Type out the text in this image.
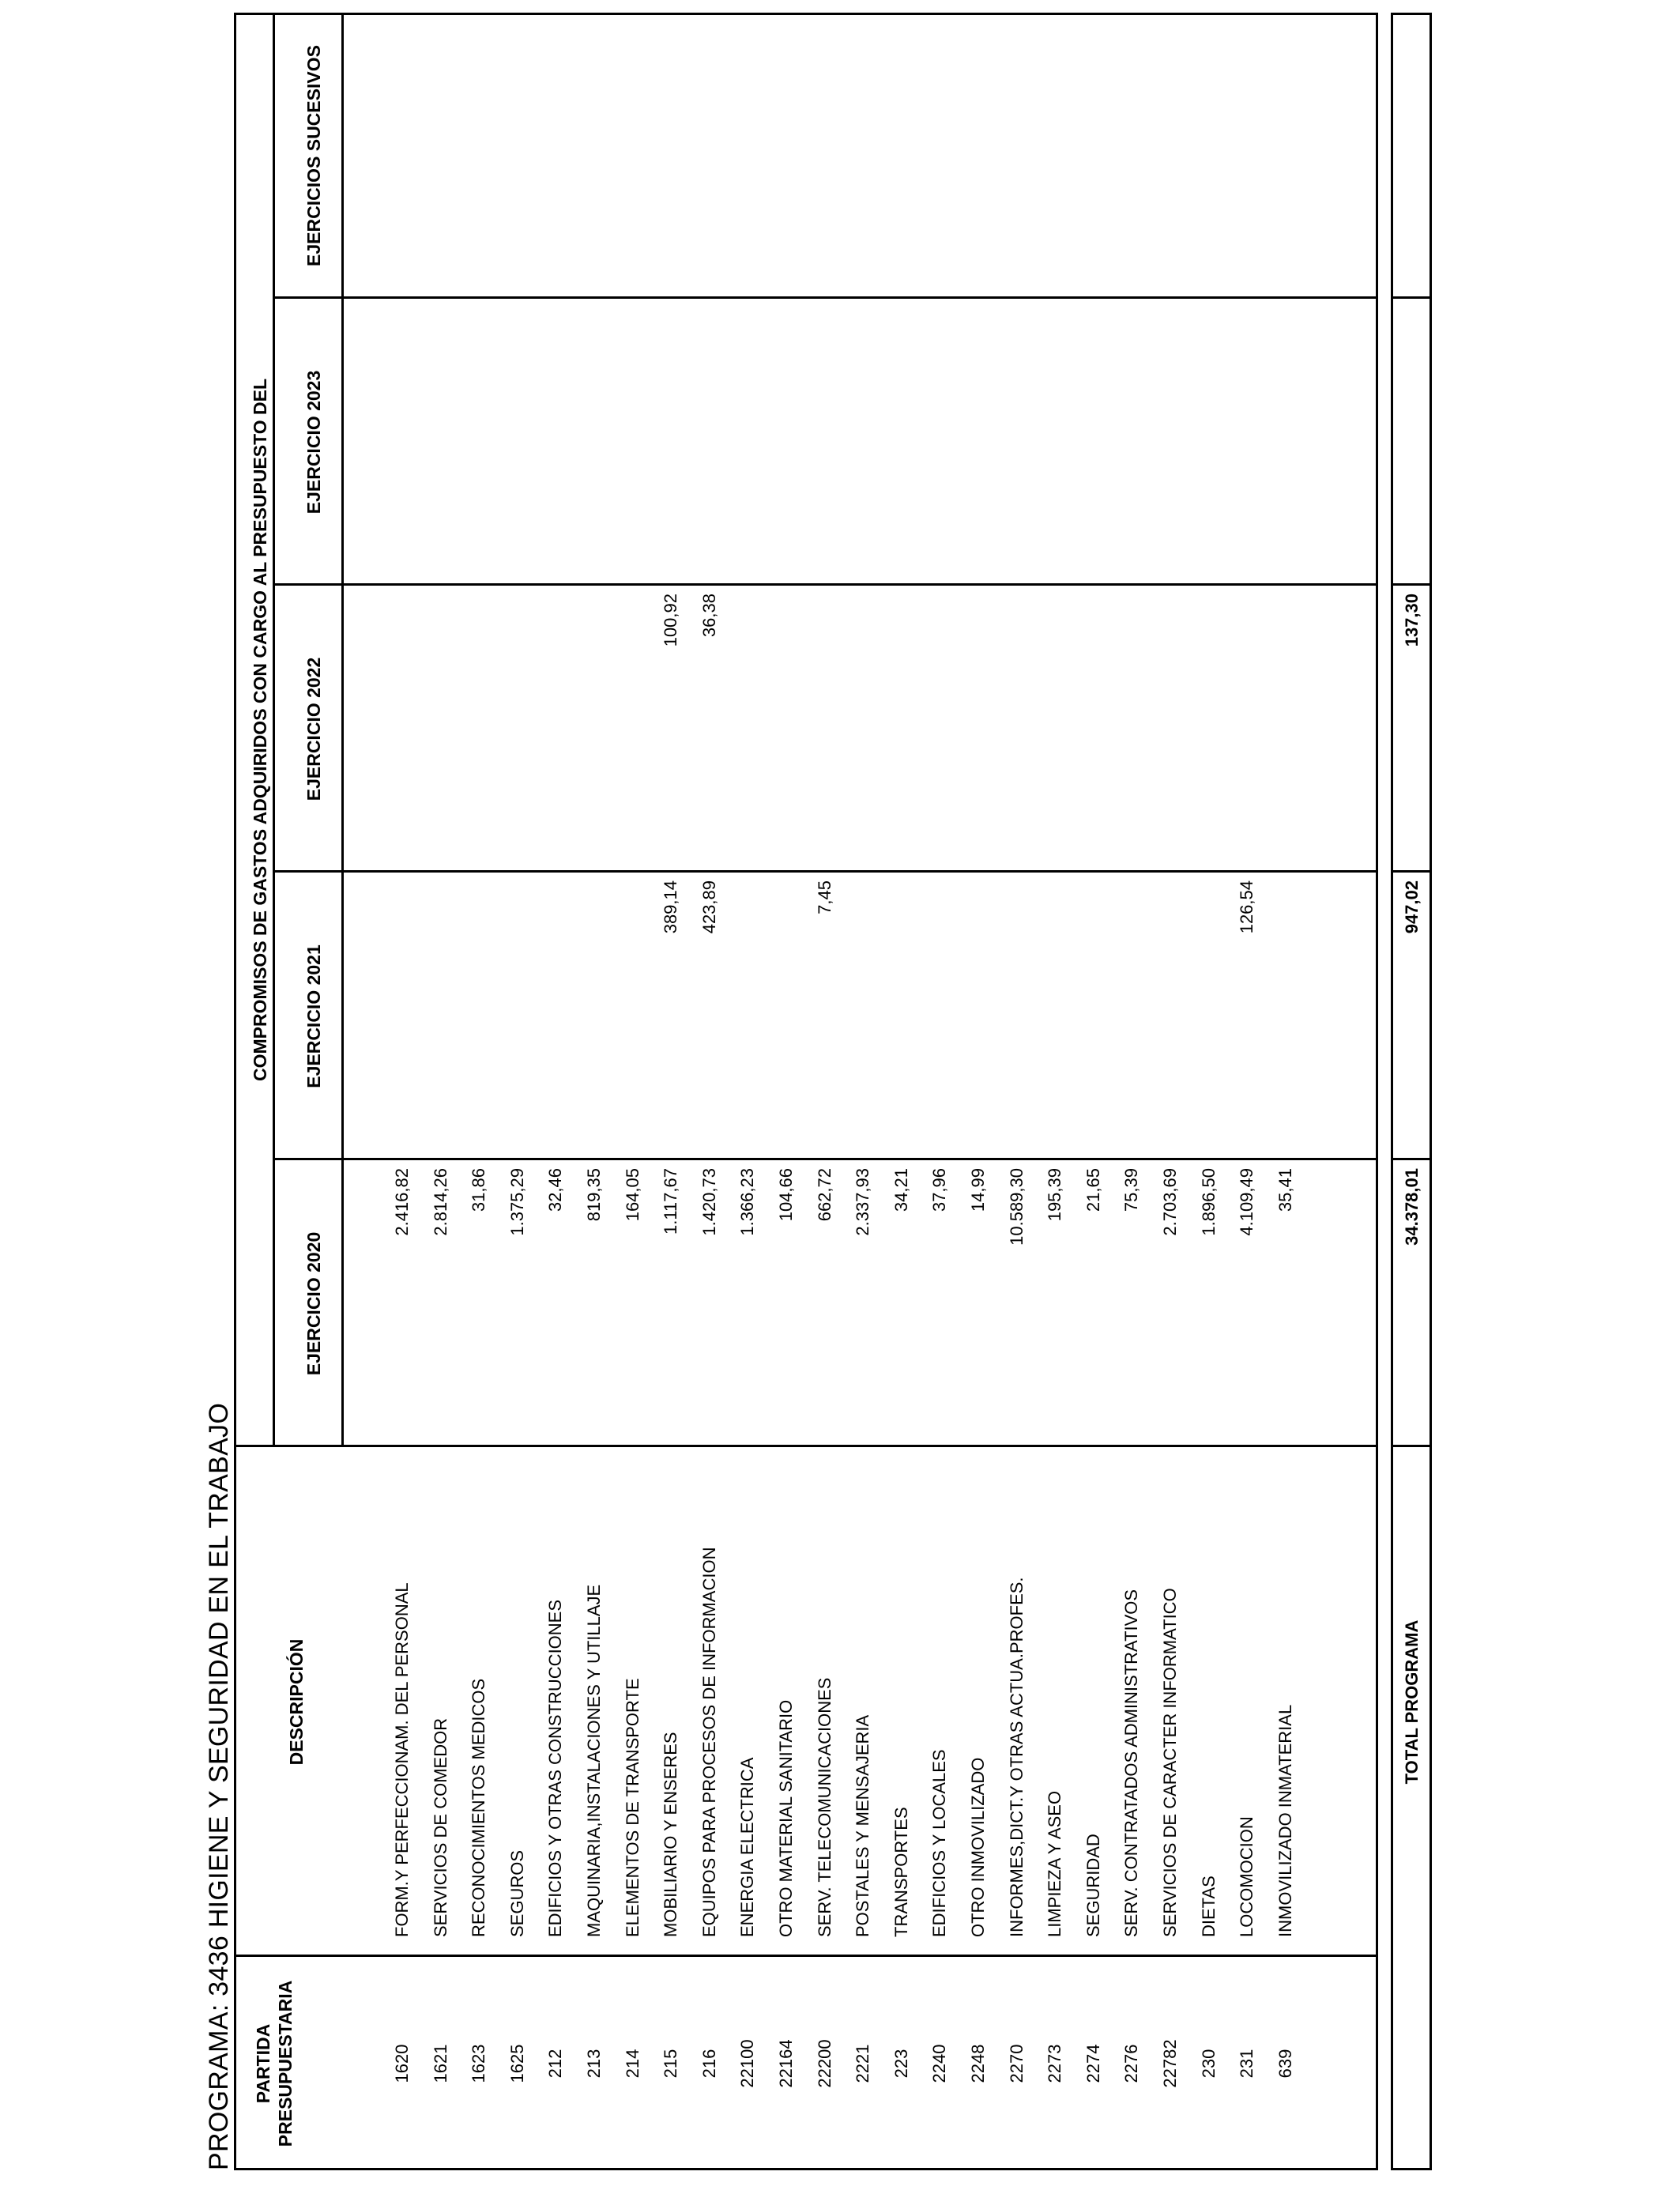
PROGRAMA: 3436 HIGIENE Y SEGURIDAD EN EL TRABAJO PARTIDA PRESUPUESTARIA
DESCRIPCIÓN
COMPROMISOS DE GASTOS ADQUIRIDOS CON CARGO AL PRESUPUESTO DEL
EJERCICIO 2020
EJERCICIO 2021
EJERCICIO 2022
EJERCICIO 2023
EJERCICIOS SUCESIVOS
1620
FORM.Y PERFECCIONAM. DEL PERSONAL
2.416,82
1621
SERVICIOS DE COMEDOR
2.814,26
1623
RECONOCIMIENTOS MEDICOS
31,86
1625
SEGUROS
1.375,29
212
EDIFICIOS Y OTRAS CONSTRUCCIONES
32,46
213
MAQUINARIA,INSTALACIONES Y UTILLAJE
819,35
214
ELEMENTOS DE TRANSPORTE
164,05
215
MOBILIARIO Y ENSERES
1.117,67
389,14
100,92
216
EQUIPOS PARA PROCESOS DE INFORMACION
1.420,73
423,89
36,38
22100
ENERGIA ELECTRICA
1.366,23
22164
OTRO MATERIAL SANITARIO
104,66
22200
SERV. TELECOMUNICACIONES
662,72
7,45
2221
POSTALES Y MENSAJERIA
2.337,93
223
TRANSPORTES
34,21
2240
EDIFICIOS Y LOCALES
37,96
2248
OTRO INMOVILIZADO
14,99
2270
INFORMES,DICT.Y OTRAS ACTUA.PROFES.
10.589,30
2273
LIMPIEZA Y ASEO
195,39
2274
SEGURIDAD
21,65
2276
SERV. CONTRATADOS ADMINISTRATIVOS
75,39
22782
SERVICIOS DE CARACTER INFORMATICO
2.703,69
230
DIETAS
1.896,50
231
LOCOMOCION
4.109,49
126,54
639
INMOVILIZADO INMATERIAL
35,41
TOTAL PROGRAMA
34.378,01
947,02
137,30
